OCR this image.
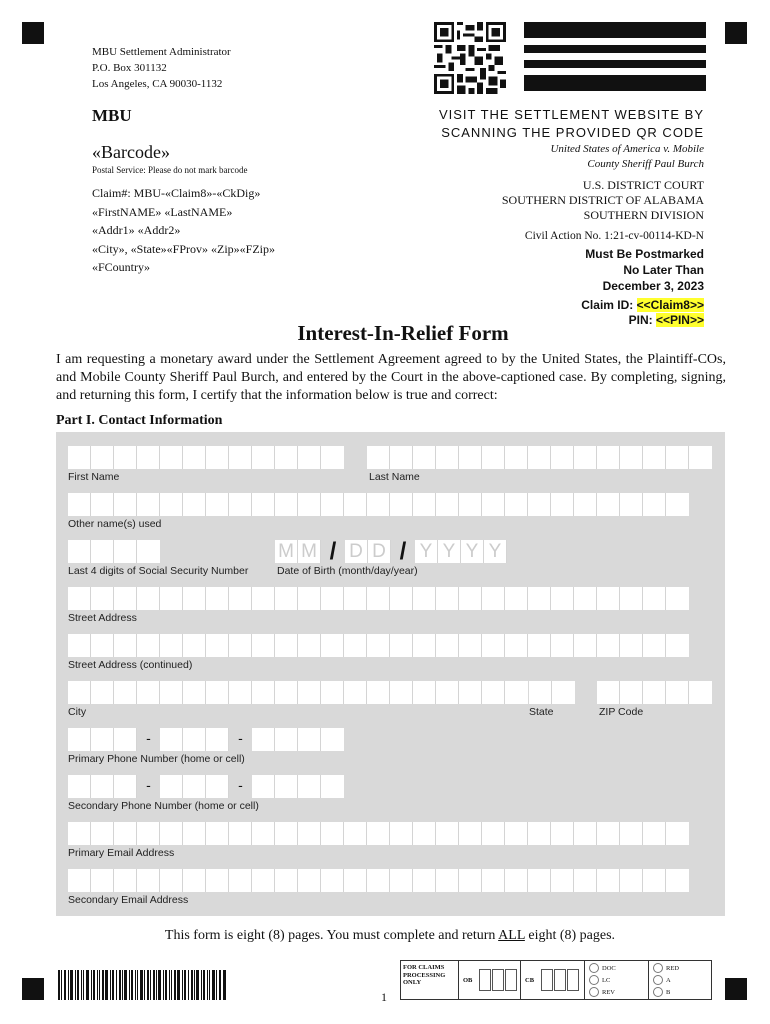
MBU Settlement Administrator
P.O. Box 301132
Los Angeles, CA 90030-1132
MBU
«Barcode»
Postal Service: Please do not mark barcode
Claim#: MBU-«Claim8»-«CkDig»
«FirstNAME» «LastNAME»
«Addr1» «Addr2»
«City», «State»«FProv» «Zip»«FZip»
«FCountry»
VISIT THE SETTLEMENT WEBSITE BY
SCANNING THE PROVIDED QR CODE
United States of America v. Mobile
County Sheriff Paul Burch
U.S. DISTRICT COURT
SOUTHERN DISTRICT OF ALABAMA
SOUTHERN DIVISION
Civil Action No. 1:21-cv-00114-KD-N
Must Be Postmarked
No Later Than
December 3, 2023
Claim ID: <<Claim8>>
PIN: <<PIN>>
Interest-In-Relief Form
I am requesting a monetary award under the Settlement Agreement agreed to by the United States, the Plaintiff-COs, and Mobile County Sheriff Paul Burch, and entered by the Court in the above-captioned case. By completing, signing, and returning this form, I certify that the information below is true and correct:
Part I. Contact Information
First Name	Last Name
Other name(s) used
M M / D D / Y Y Y Y
Last 4 digits of Social Security Number	Date of Birth (month/day/year)
Street Address
Street Address (continued)
City	State	ZIP Code
-	-
Primary Phone Number (home or cell)
-	-
Secondary Phone Number (home or cell)
Primary Email Address
Secondary Email Address
This form is eight (8) pages. You must complete and return ALL eight (8) pages.
1
FOR CLAIMS
PROCESSING
ONLY	OB	CB
DOC
LC
REV
RED
A
B
